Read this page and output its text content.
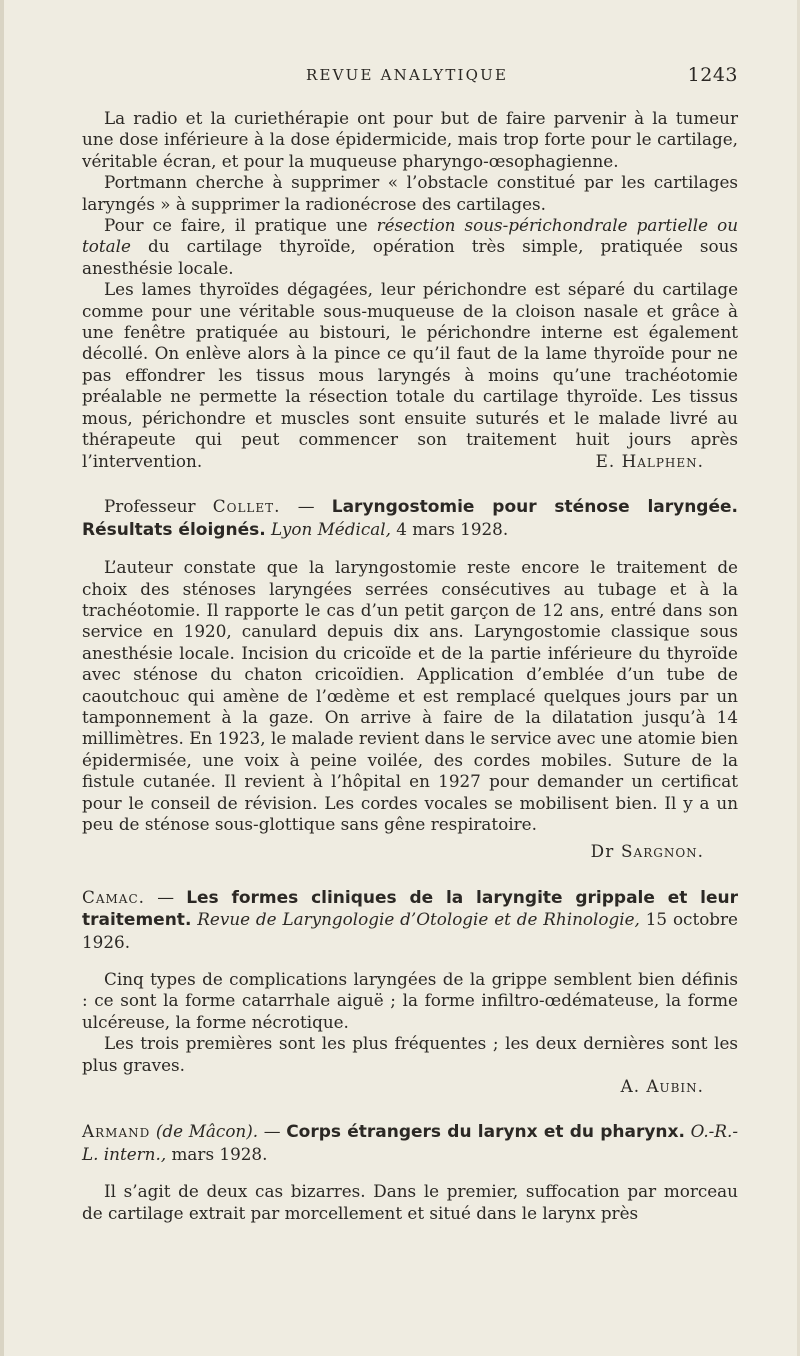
REVUE ANALYTIQUE	1243

La radio et la curiethérapie ont pour but de faire parvenir à la tumeur une dose inférieure à la dose épidermicide, mais trop forte pour le cartilage, véritable écran, et pour la muqueuse pharyngo-œsophagienne.

Portmann cherche à supprimer « l’obstacle constitué par les cartilages laryngés » à supprimer la radionécrose des cartilages.

Pour ce faire, il pratique une résection sous-périchondrale partielle ou totale du cartilage thyroïde, opération très simple, pratiquée sous anesthésie locale.

Les lames thyroïdes dégagées, leur périchondre est séparé du cartilage comme pour une véritable sous-muqueuse de la cloison nasale et grâce à une fenêtre pratiquée au bistouri, le périchondre interne est également décollé. On enlève alors à la pince ce qu’il faut de la lame thyroïde pour ne pas effondrer les tissus mous laryngés à moins qu’une trachéotomie préalable ne permette la résection totale du cartilage thyroïde. Les tissus mous, périchondre et muscles sont ensuite suturés et le malade livré au thérapeute qui peut commencer son traitement huit jours après l’intervention.	E. Halphen.

Professeur Collet. — Laryngostomie pour sténose laryngée. Résultats éloignés. Lyon Médical, 4 mars 1928.

L’auteur constate que la laryngostomie reste encore le traitement de choix des sténoses laryngées serrées consécutives au tubage et à la trachéotomie. Il rapporte le cas d’un petit garçon de 12 ans, entré dans son service en 1920, canulard depuis dix ans. Laryngostomie classique sous anesthésie locale. Incision du cricoïde et de la partie inférieure du thyroïde avec sténose du chaton cricoïdien. Application d’emblée d’un tube de caoutchouc qui amène de l’œdème et est remplacé quelques jours par un tamponnement à la gaze. On arrive à faire de la dilatation jusqu’à 14 millimètres. En 1923, le malade revient dans le service avec une atomie bien épidermisée, une voix à peine voilée, des cordes mobiles. Suture de la fistule cutanée. Il revient à l’hôpital en 1927 pour demander un certificat pour le conseil de révision. Les cordes vocales se mobilisent bien. Il y a un peu de sténose sous-glottique sans gêne respiratoire.

Dr Sargnon.

Camac. — Les formes cliniques de la laryngite grippale et leur traitement. Revue de Laryngologie d’Otologie et de Rhinologie, 15 octobre 1926.

Cinq types de complications laryngées de la grippe semblent bien définis : ce sont la forme catarrhale aiguë ; la forme infiltro-œdémateuse, la forme ulcéreuse, la forme nécrotique.

Les trois premières sont les plus fréquentes ; les deux dernières sont les plus graves.

A. Aubin.

Armand (de Mâcon). — Corps étrangers du larynx et du pharynx. O.-R.-L. intern., mars 1928.

Il s’agit de deux cas bizarres. Dans le premier, suffocation par morceau de cartilage extrait par morcellement et situé dans le larynx près
